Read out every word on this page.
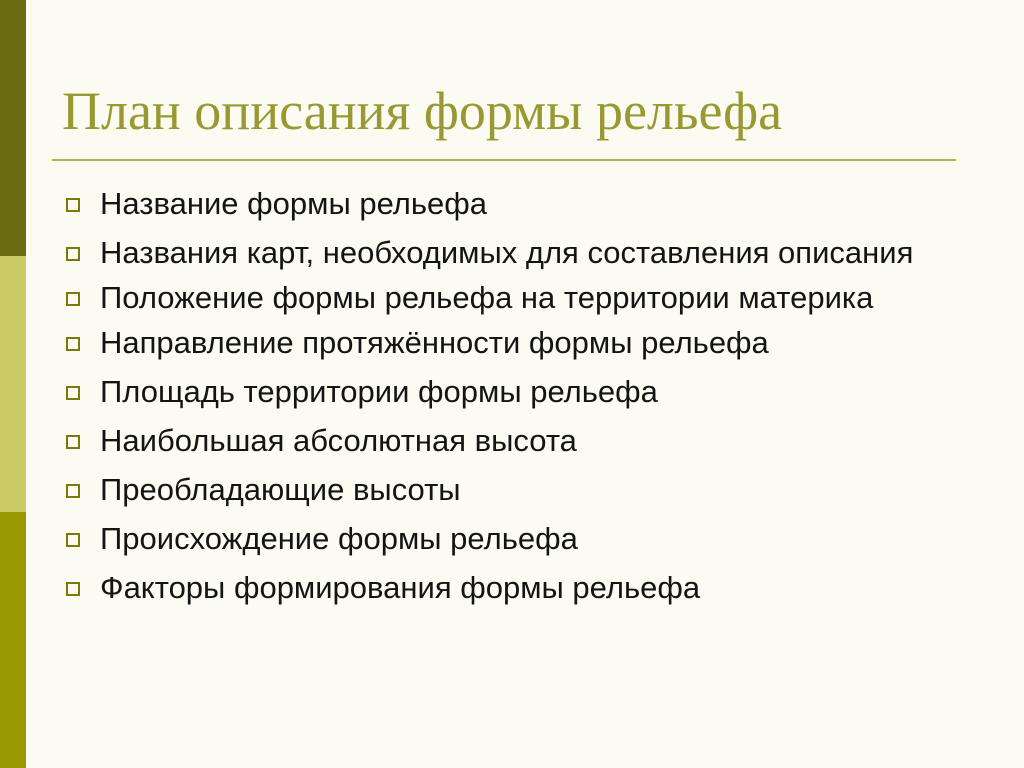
План описания формы рельефа
Название формы рельефа
Названия карт, необходимых для составления описания
Положение формы рельефа на территории материка
Направление протяжённости формы рельефа
Площадь территории формы рельефа
Наибольшая абсолютная высота
Преобладающие высоты
Происхождение формы рельефа
Факторы формирования формы рельефа
